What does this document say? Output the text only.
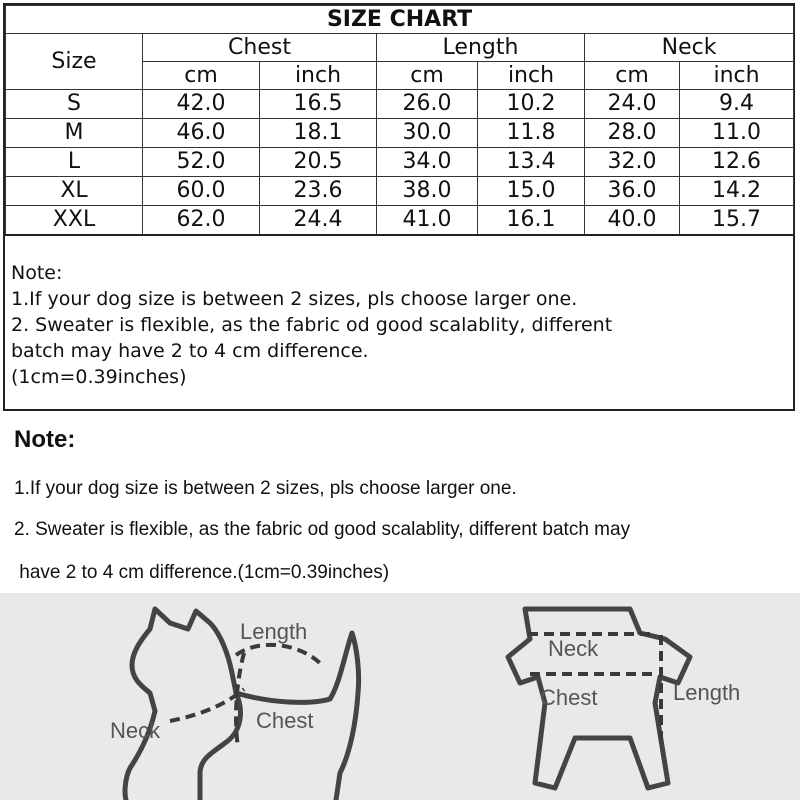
SIZE CHART						
Size	Chest		Length		Neck	
	cm	inch	cm	inch	cm	inch
S	42.0	16.5	26.0	10.2	24.0	9.4
M	46.0	18.1	30.0	11.8	28.0	11.0
L	52.0	20.5	34.0	13.4	32.0	12.6
XL	60.0	23.6	38.0	15.0	36.0	14.2
XXL	62.0	24.4	41.0	16.1	40.0	15.7
Note:
1.If your dog size is between 2 sizes, pls choose larger one.
2. Sweater is flexible, as the fabric od good scalablity, different
batch may have 2 to 4 cm difference.
(1cm=0.39inches)
Note:
1.If your dog size is between 2 sizes, pls choose larger one.
2. Sweater is flexible, as the fabric od good scalablity, different batch may
have 2 to 4 cm difference.(1cm=0.39inches)
Length
Neck	Chest
Neck
Chest	Length
